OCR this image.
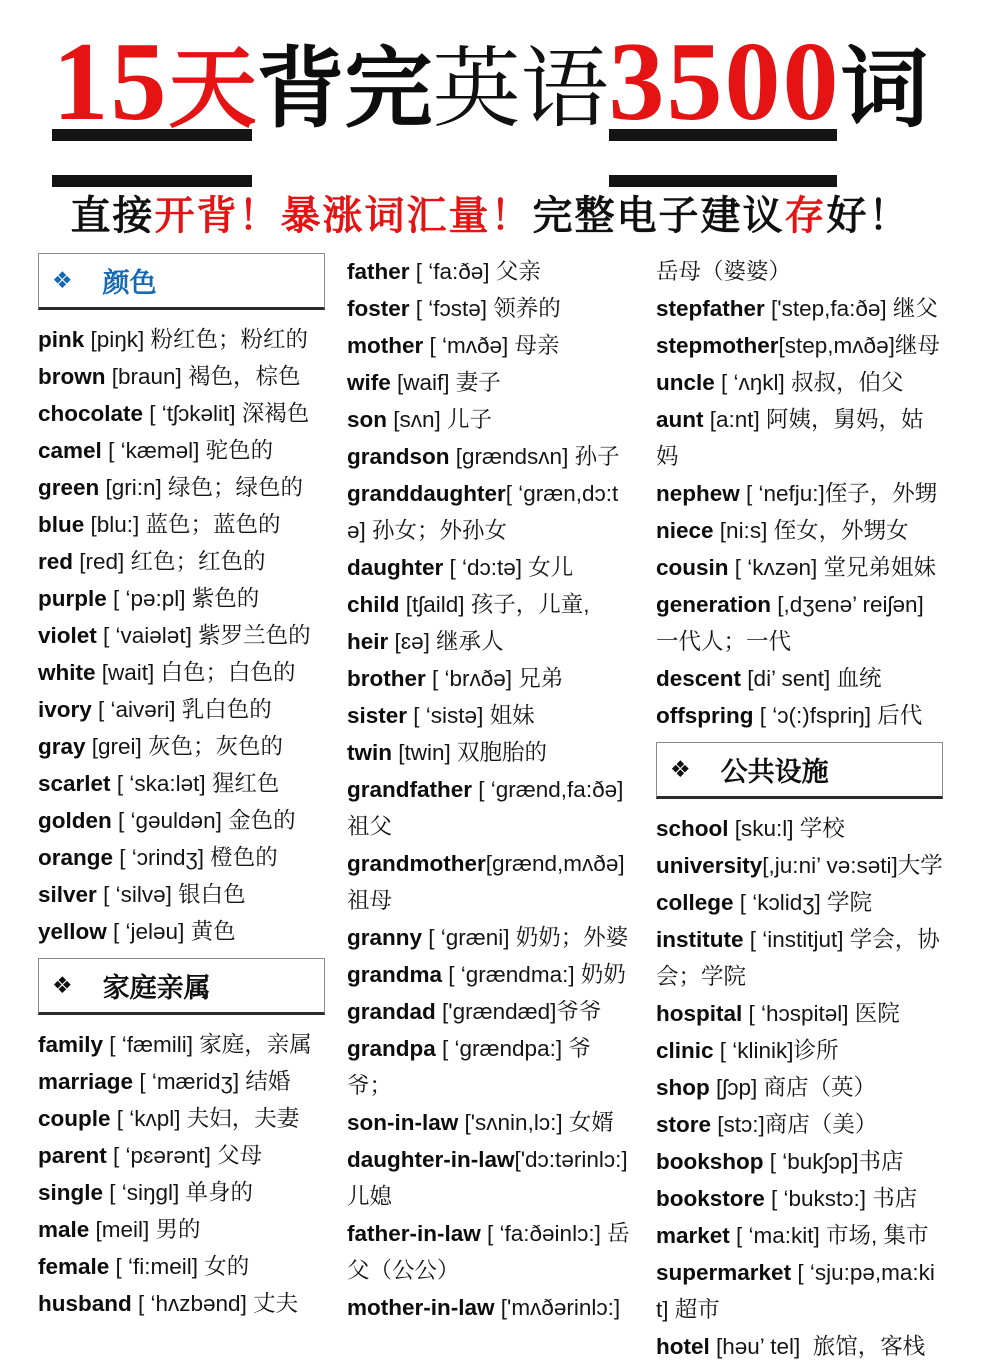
15天 背完英语 3500 词
直接开背！暴涨词汇量！完整电子建议存好！
❖ 颜色
pink [piŋk] 粉红色；粉红的
brown [braun] 褐色，棕色
chocolate [ ‘tʃɔkəlit] 深褐色
camel [ ‘kæməl] 驼色的
green [gri:n] 绿色；绿色的
blue [blu:] 蓝色；蓝色的
red [red] 红色；红色的
purple [ ‘pə:pl] 紫色的
violet [ ‘vaiələt] 紫罗兰色的
white [wait] 白色；白色的
ivory [ ‘aivəri] 乳白色的
gray [grei] 灰色；灰色的
scarlet [ ‘ska:lət] 猩红色
golden [ ‘gəuldən] 金色的
orange [ ‘ɔrindʒ] 橙色的
silver [ ‘silvə] 银白色
yellow [ ‘jeləu] 黄色
❖ 家庭亲属
family [ ‘fæmili] 家庭，亲属
marriage [ ‘mæridʒ] 结婚
couple [ ‘kʌpl] 夫妇，夫妻
parent [ ‘pɛərənt] 父母
single [ ‘siŋgl] 单身的
male [meil] 男的
female [ ‘fi:meil] 女的
husband [ ‘hʌzbənd] 丈夫
father [ ‘fa:ðə] 父亲
foster [ ‘fɔstə] 领养的
mother [ ‘mʌðə] 母亲
wife [waif] 妻子
son [sʌn] 儿子
grandson [grændsʌn] 孙子
granddaughter[ ‘græn,dɔ:tə] 孙女；外孙女
daughter [ ‘dɔ:tə] 女儿
child [tʃaild] 孩子，儿童,
heir [ɛə] 继承人
brother [ ‘brʌðə] 兄弟
sister [ ‘sistə] 姐妹
twin [twin] 双胞胎的
grandfather [ ‘grænd,fa:ðə] 祖父
grandmother[grænd,mʌðə] 祖母
granny [ ‘græni] 奶奶；外婆
grandma [ ‘grændma:] 奶奶
grandad ['grændæd]爷爷
grandpa [ ‘grændpa:] 爷爷；
son-in-law ['sʌnin,lɔ:] 女婿
daughter-in-law['dɔ:tərinlɔ:] 儿媳
father-in-law [ ‘fa:ðəinlɔ:] 岳父（公公）
mother-in-law ['mʌðərinlɔ:]
岳母（婆婆）
stepfather ['step,fa:ðə] 继父
stepmother[step,mʌðə]继母
uncle [ ‘ʌŋkl] 叔叔，伯父
aunt [a:nt] 阿姨，舅妈，姑妈
nephew [ ‘nefju:]侄子，外甥
niece [ni:s] 侄女，外甥女
cousin [ ‘kʌzən] 堂兄弟姐妹
generation [,dʒenə’ reiʃən] 一代人；一代
descent [di’ sent] 血统
offspring [ ‘ɔ(:)fspriŋ] 后代
❖ 公共设施
school [sku:l] 学校
university[,ju:ni’ və:səti]大学
college [ ‘kɔlidʒ] 学院
institute [ ‘institjut] 学会，协会；学院
hospital [ ‘hɔspitəl] 医院
clinic [ ‘klinik]诊所
shop [ʃɔp] 商店（英）
store [stɔ:]商店（美）
bookshop [ ‘bukʃɔp]书店
bookstore [ ‘bukstɔ:] 书店
market [ ‘ma:kit] 市场, 集市
supermarket [ ‘sju:pə,ma:kit] 超市
hotel [həu’ tel]  旅馆，客栈
